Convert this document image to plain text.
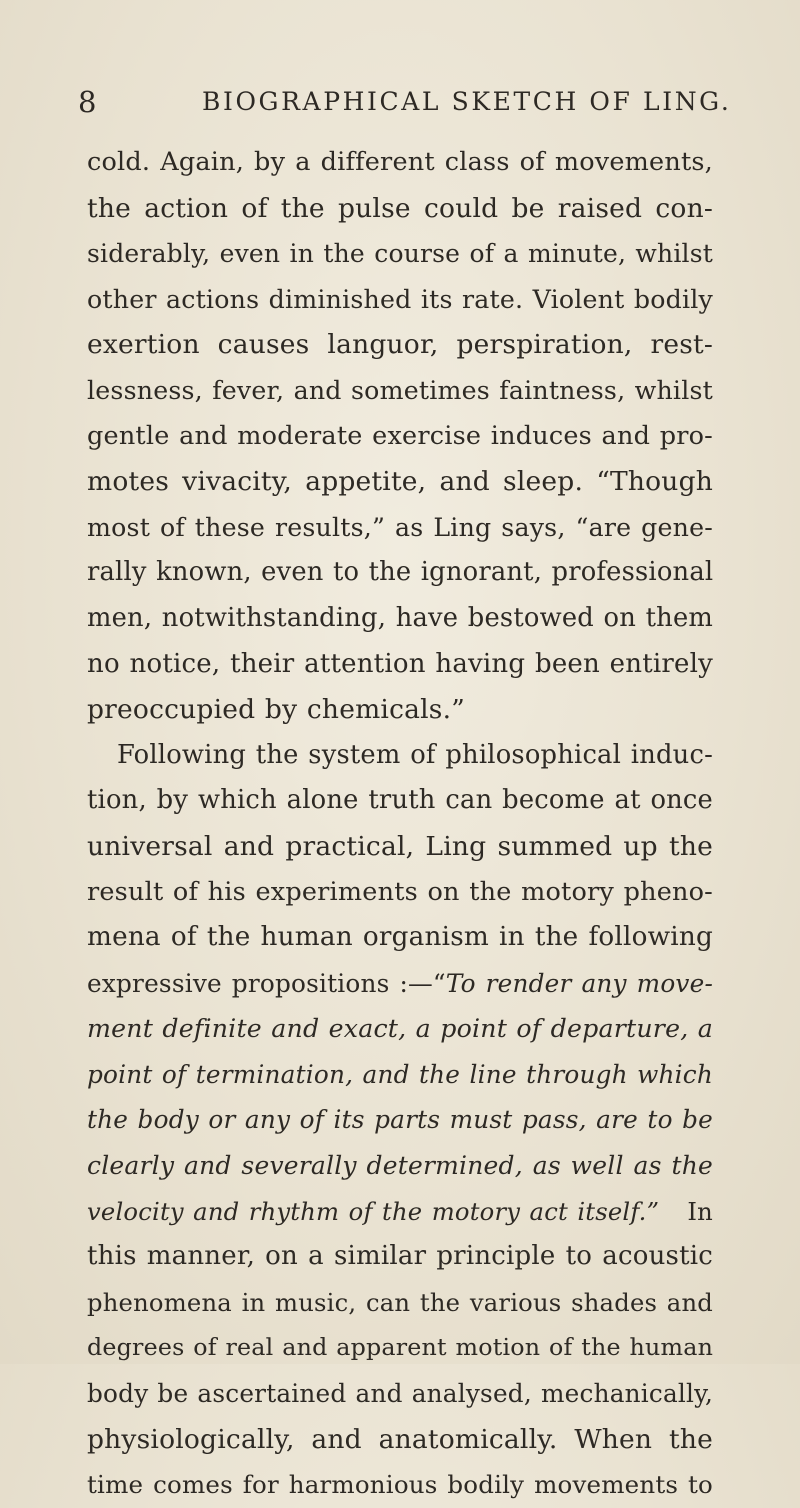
8	BIOGRAPHICAL SKETCH OF LING.
cold. Again, by a different class of movements,
the action of the pulse could be raised con-
siderably, even in the course of a minute, whilst
other actions diminished its rate. Violent bodily
exertion causes languor, perspiration, rest-
lessness, fever, and sometimes faintness, whilst
gentle and moderate exercise induces and pro-
motes vivacity, appetite, and sleep. “Though
most of these results,” as Ling says, “are gene-
rally known, even to the ignorant, professional
men, notwithstanding, have bestowed on them
no notice, their attention having been entirely
preoccupied by chemicals.”
Following the system of philosophical induc-
tion, by which alone truth can become at once
universal and practical, Ling summed up the
result of his experiments on the motory pheno-
mena of the human organism in the following
expressive propositions :—“To render any move-
ment definite and exact, a point of departure, a
point of termination, and the line through which
the body or any of its parts must pass, are to be
clearly and severally determined, as well as the
velocity and rhythm of the motory act itself.” In
this manner, on a similar principle to acoustic
phenomena in music, can the various shades and
degrees of real and apparent motion of the human
body be ascertained and analysed, mechanically,
physiologically, and anatomically. When the
time comes for harmonious bodily movements to
